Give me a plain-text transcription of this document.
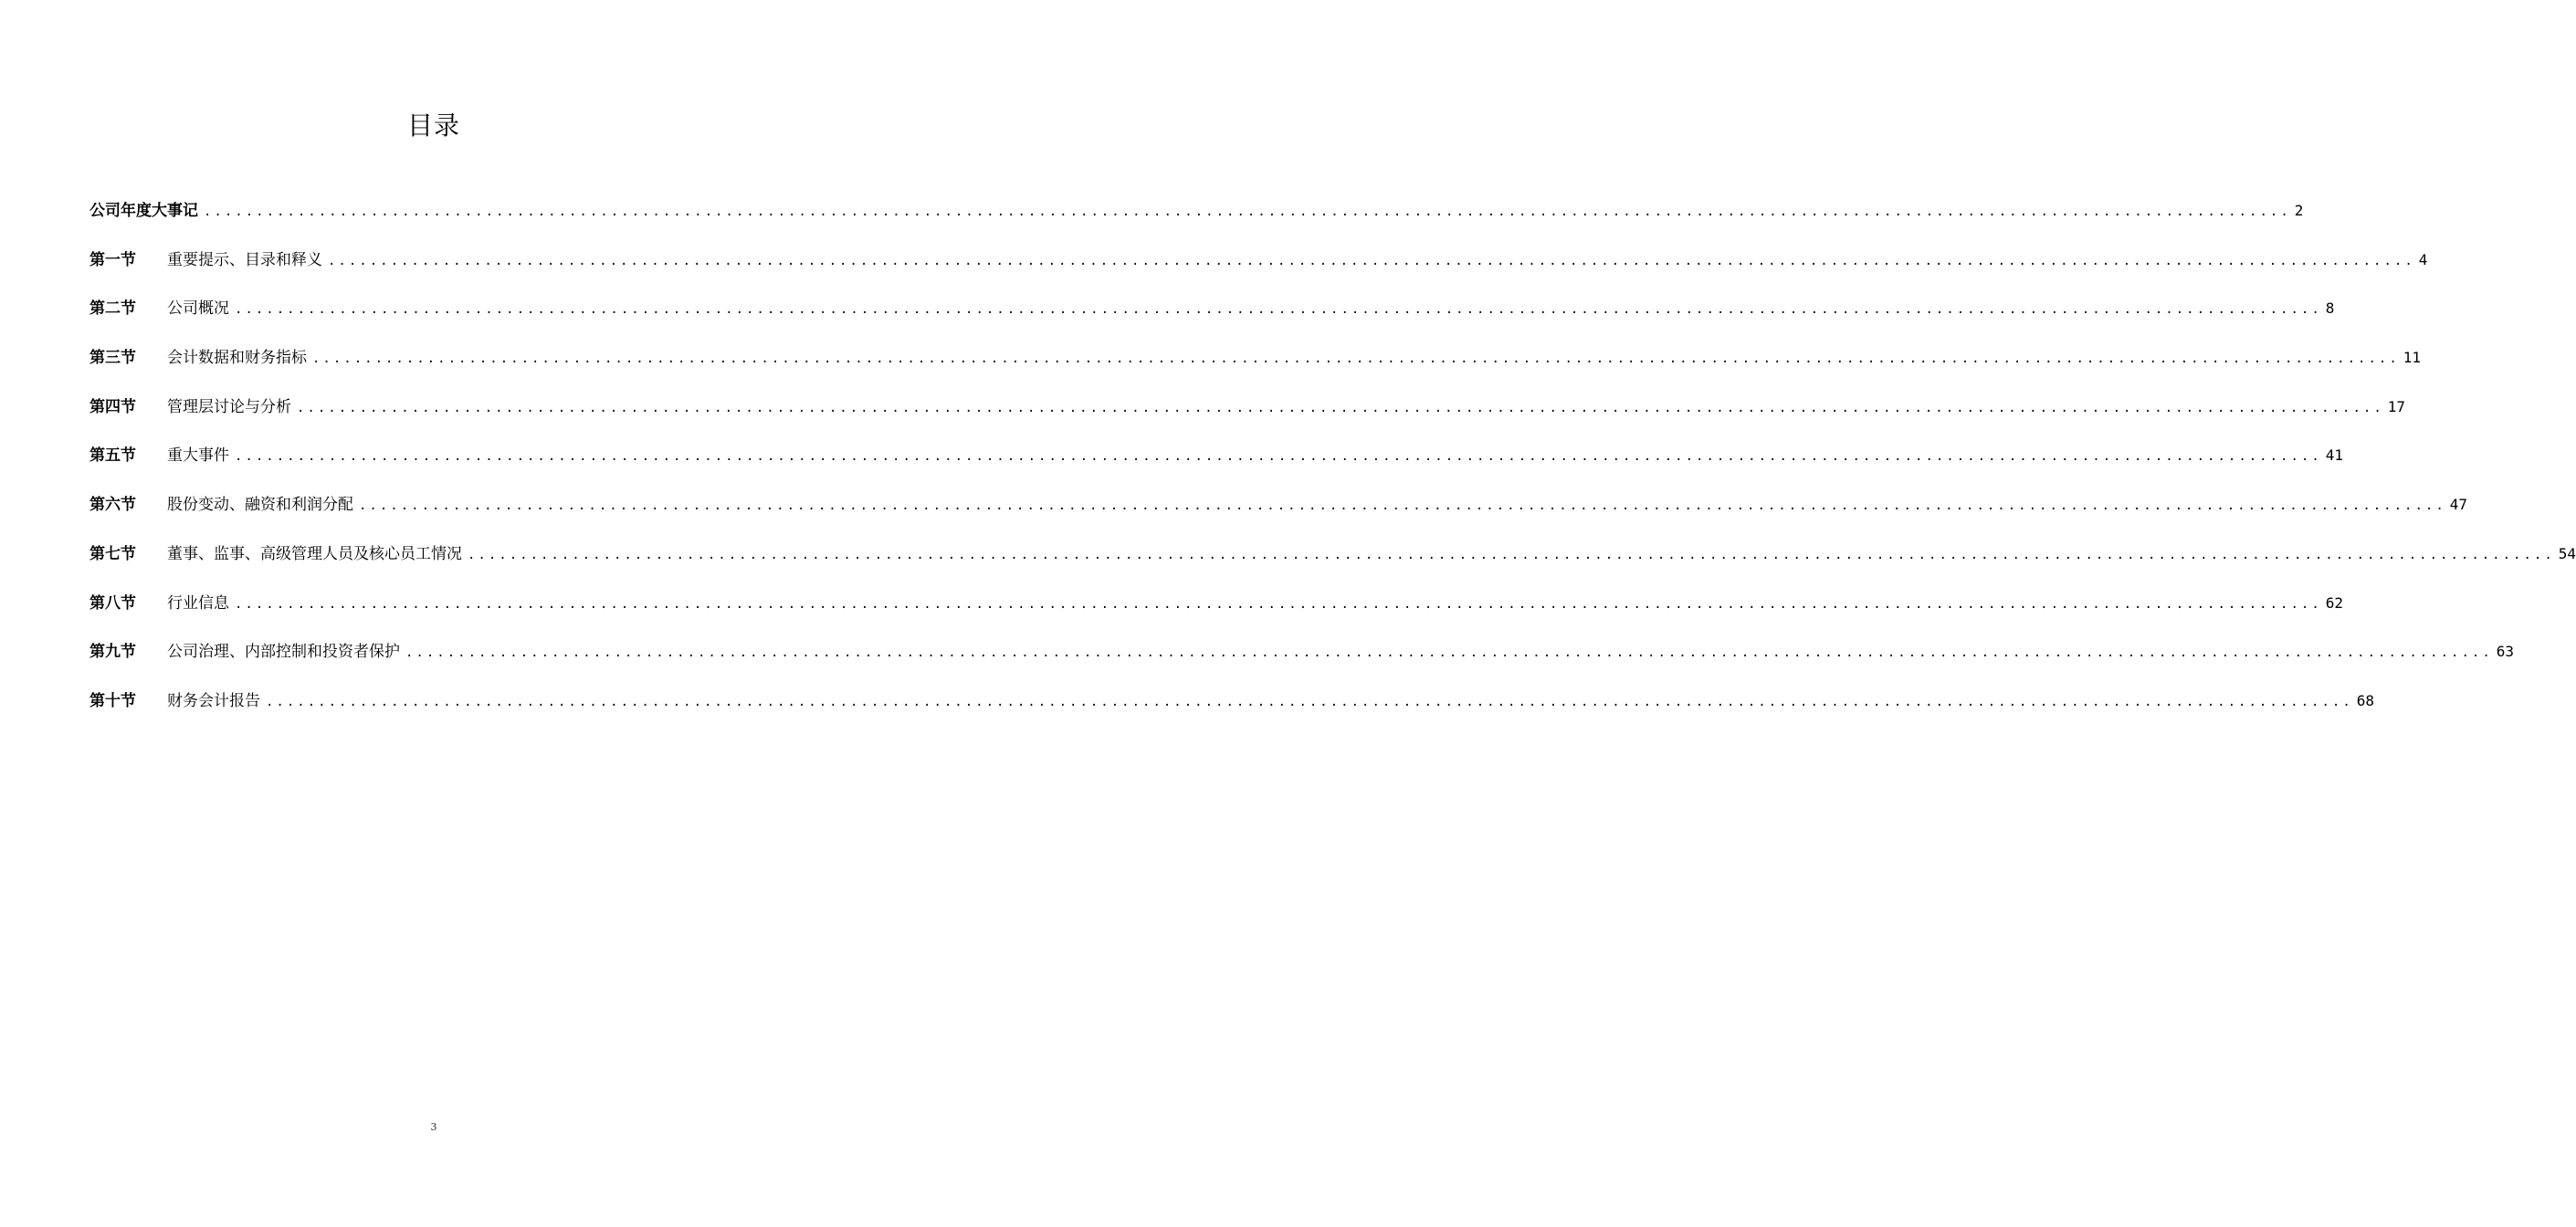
目录
公司年度大事记 ........................................................................................................................................................................................................ 2
第一节	重要提示、目录和释义 ........................................................................................................................................................................................................ 4
第二节	公司概况 ........................................................................................................................................................................................................ 8
第三节	会计数据和财务指标 ........................................................................................................................................................................................................ 11
第四节	管理层讨论与分析 ........................................................................................................................................................................................................ 17
第五节	重大事件 ........................................................................................................................................................................................................ 41
第六节	股份变动、融资和利润分配 ........................................................................................................................................................................................................ 47
第七节	董事、监事、高级管理人员及核心员工情况 ........................................................................................................................................................................................................ 54
第八节	行业信息 ........................................................................................................................................................................................................ 62
第九节	公司治理、内部控制和投资者保护 ........................................................................................................................................................................................................ 63
第十节	财务会计报告 ........................................................................................................................................................................................................ 68
3
